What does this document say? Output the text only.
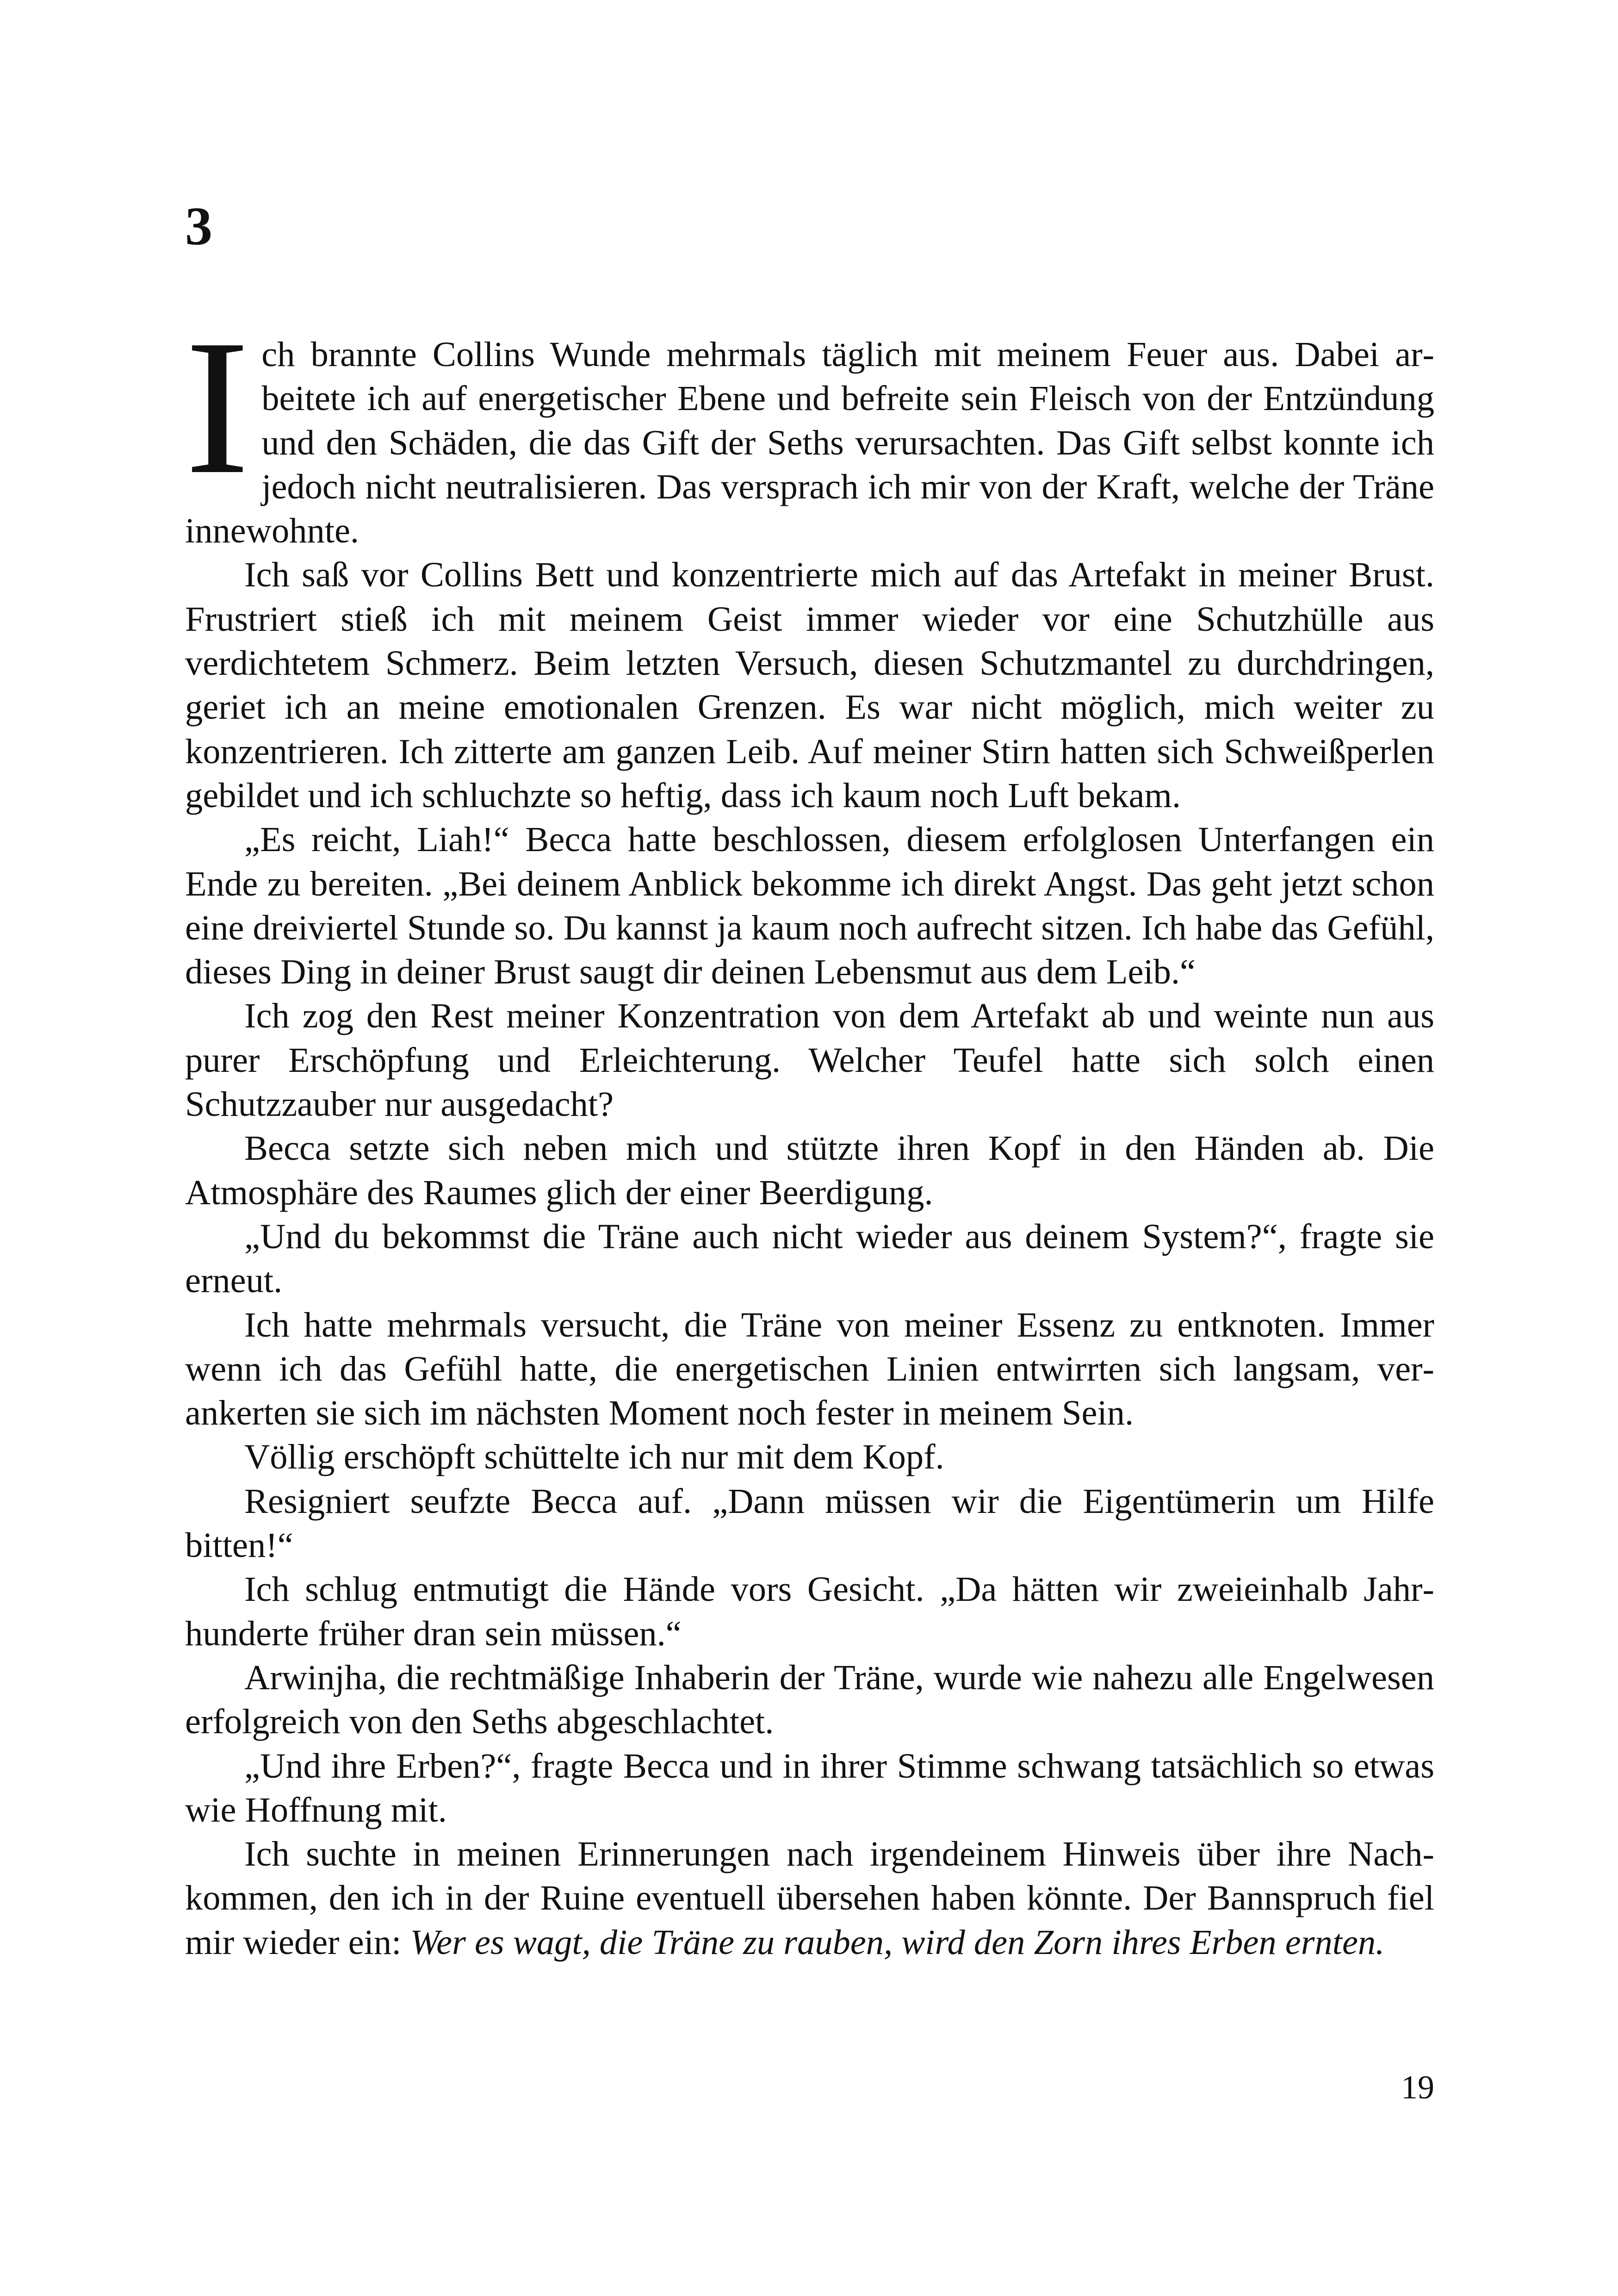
3

Ich brannte Collins Wunde mehrmals täglich mit meinem Feuer aus. Dabei arbeitete ich auf energetischer Ebene und befreite sein Fleisch von der Entzündung und den Schäden, die das Gift der Seths verursachten. Das Gift selbst konnte ich jedoch nicht neutralisieren. Das versprach ich mir von der Kraft, welche der Träne innewohnte.

Ich saß vor Collins Bett und konzentrierte mich auf das Artefakt in meiner Brust. Frustriert stieß ich mit meinem Geist immer wieder vor eine Schutzhülle aus verdichtetem Schmerz. Beim letzten Versuch, diesen Schutzmantel zu durchdringen, geriet ich an meine emotionalen Grenzen. Es war nicht möglich, mich weiter zu konzentrieren. Ich zitterte am ganzen Leib. Auf meiner Stirn hatten sich Schweißperlen gebildet und ich schluchzte so heftig, dass ich kaum noch Luft bekam.

„Es reicht, Liah!“ Becca hatte beschlossen, diesem erfolglosen Unterfangen ein Ende zu bereiten. „Bei deinem Anblick bekomme ich direkt Angst. Das geht jetzt schon eine dreiviertel Stunde so. Du kannst ja kaum noch aufrecht sitzen. Ich habe das Gefühl, dieses Ding in deiner Brust saugt dir deinen Lebensmut aus dem Leib.“

Ich zog den Rest meiner Konzentration von dem Artefakt ab und weinte nun aus purer Erschöpfung und Erleichterung. Welcher Teufel hatte sich solch einen Schutzzauber nur ausgedacht?

Becca setzte sich neben mich und stützte ihren Kopf in den Händen ab. Die Atmosphäre des Raumes glich der einer Beerdigung.

„Und du bekommst die Träne auch nicht wieder aus deinem System?“, fragte sie erneut.

Ich hatte mehrmals versucht, die Träne von meiner Essenz zu entknoten. Immer wenn ich das Gefühl hatte, die energetischen Linien entwirrten sich langsam, verankerten sie sich im nächsten Moment noch fester in meinem Sein.

Völlig erschöpft schüttelte ich nur mit dem Kopf.

Resigniert seufzte Becca auf. „Dann müssen wir die Eigentümerin um Hilfe bitten!“

Ich schlug entmutigt die Hände vors Gesicht. „Da hätten wir zweieinhalb Jahrhunderte früher dran sein müssen.“

Arwinjha, die rechtmäßige Inhaberin der Träne, wurde wie nahezu alle Engelwesen erfolgreich von den Seths abgeschlachtet.

„Und ihre Erben?“, fragte Becca und in ihrer Stimme schwang tatsächlich so etwas wie Hoffnung mit.

Ich suchte in meinen Erinnerungen nach irgendeinem Hinweis über ihre Nachkommen, den ich in der Ruine eventuell übersehen haben könnte. Der Bannspruch fiel mir wieder ein: Wer es wagt, die Träne zu rauben, wird den Zorn ihres Erben ernten.

19
